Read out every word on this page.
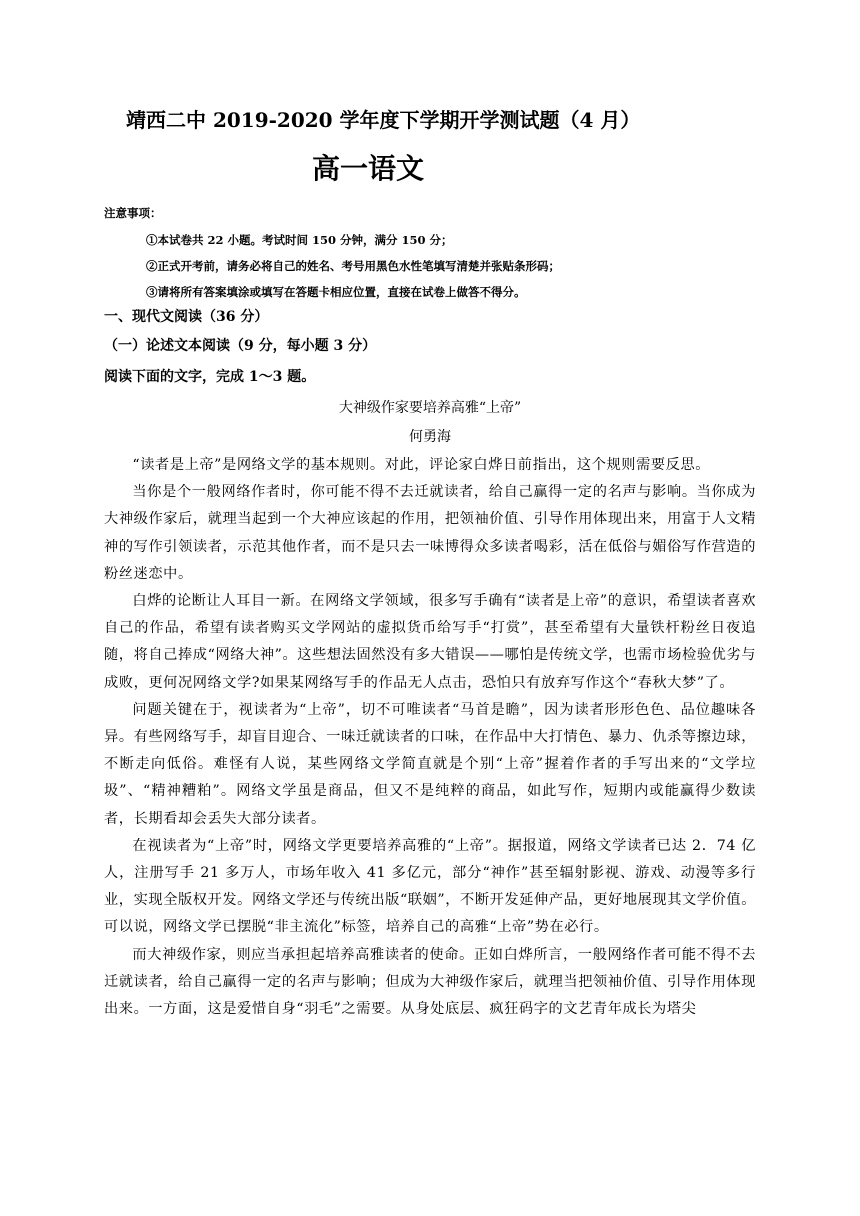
靖西二中 2019-2020 学年度下学期开学测试题（4 月）
高一语文
注意事项：
①本试卷共 22 小题。考试时间 150 分钟，满分 150 分；
②正式开考前，请务必将自己的姓名、考号用黑色水性笔填写清楚并张贴条形码；
③请将所有答案填涂或填写在答题卡相应位置，直接在试卷上做答不得分。
一、现代文阅读（36 分）
（一）论述文本阅读（9 分，每小题 3 分）
阅读下面的文字，完成 1～3 题。
大神级作家要培养高雅“上帝”
何勇海

“读者是上帝”是网络文学的基本规则。对此，评论家白烨日前指出，这个规则需要反思。

当你是个一般网络作者时，你可能不得不去迁就读者，给自己赢得一定的名声与影响。当你成为大神级作家后，就理当起到一个大神应该起的作用，把领袖价值、引导作用体现出来，用富于人文精神的写作引领读者，示范其他作者，而不是只去一味博得众多读者喝彩，活在低俗与媚俗写作营造的粉丝迷恋中。

白烨的论断让人耳目一新。在网络文学领域，很多写手确有“读者是上帝”的意识，希望读者喜欢自己的作品，希望有读者购买文学网站的虚拟货币给写手“打赏”，甚至希望有大量铁杆粉丝日夜追随，将自己捧成“网络大神”。这些想法固然没有多大错误——哪怕是传统文学，也需市场检验优劣与成败，更何况网络文学?如果某网络写手的作品无人点击，恐怕只有放弃写作这个“春秋大梦”了。

问题关键在于，视读者为“上帝”，切不可唯读者“马首是瞻”，因为读者形形色色、品位趣味各异。有些网络写手，却盲目迎合、一味迁就读者的口味，在作品中大打情色、暴力、仇杀等擦边球，不断走向低俗。难怪有人说，某些网络文学简直就是个别“上帝”握着作者的手写出来的“文学垃圾”、“精神糟粕”。网络文学虽是商品，但又不是纯粹的商品，如此写作，短期内或能赢得少数读者，长期看却会丢失大部分读者。

在视读者为“上帝”时，网络文学更要培养高雅的“上帝”。据报道，网络文学读者已达 2．74 亿人，注册写手 21 多万人，市场年收入 41 多亿元，部分“神作”甚至辐射影视、游戏、动漫等多行业，实现全版权开发。网络文学还与传统出版“联姻”，不断开发延伸产品，更好地展现其文学价值。可以说，网络文学已摆脱“非主流化”标签，培养自己的高雅“上帝”势在必行。

而大神级作家，则应当承担起培养高雅读者的使命。正如白烨所言，一般网络作者可能不得不去迁就读者，给自己赢得一定的名声与影响；但成为大神级作家后，就理当把领袖价值、引导作用体现出来。一方面，这是爱惜自身“羽毛”之需要。从身处底层、疯狂码字的文艺青年成长为塔尖
